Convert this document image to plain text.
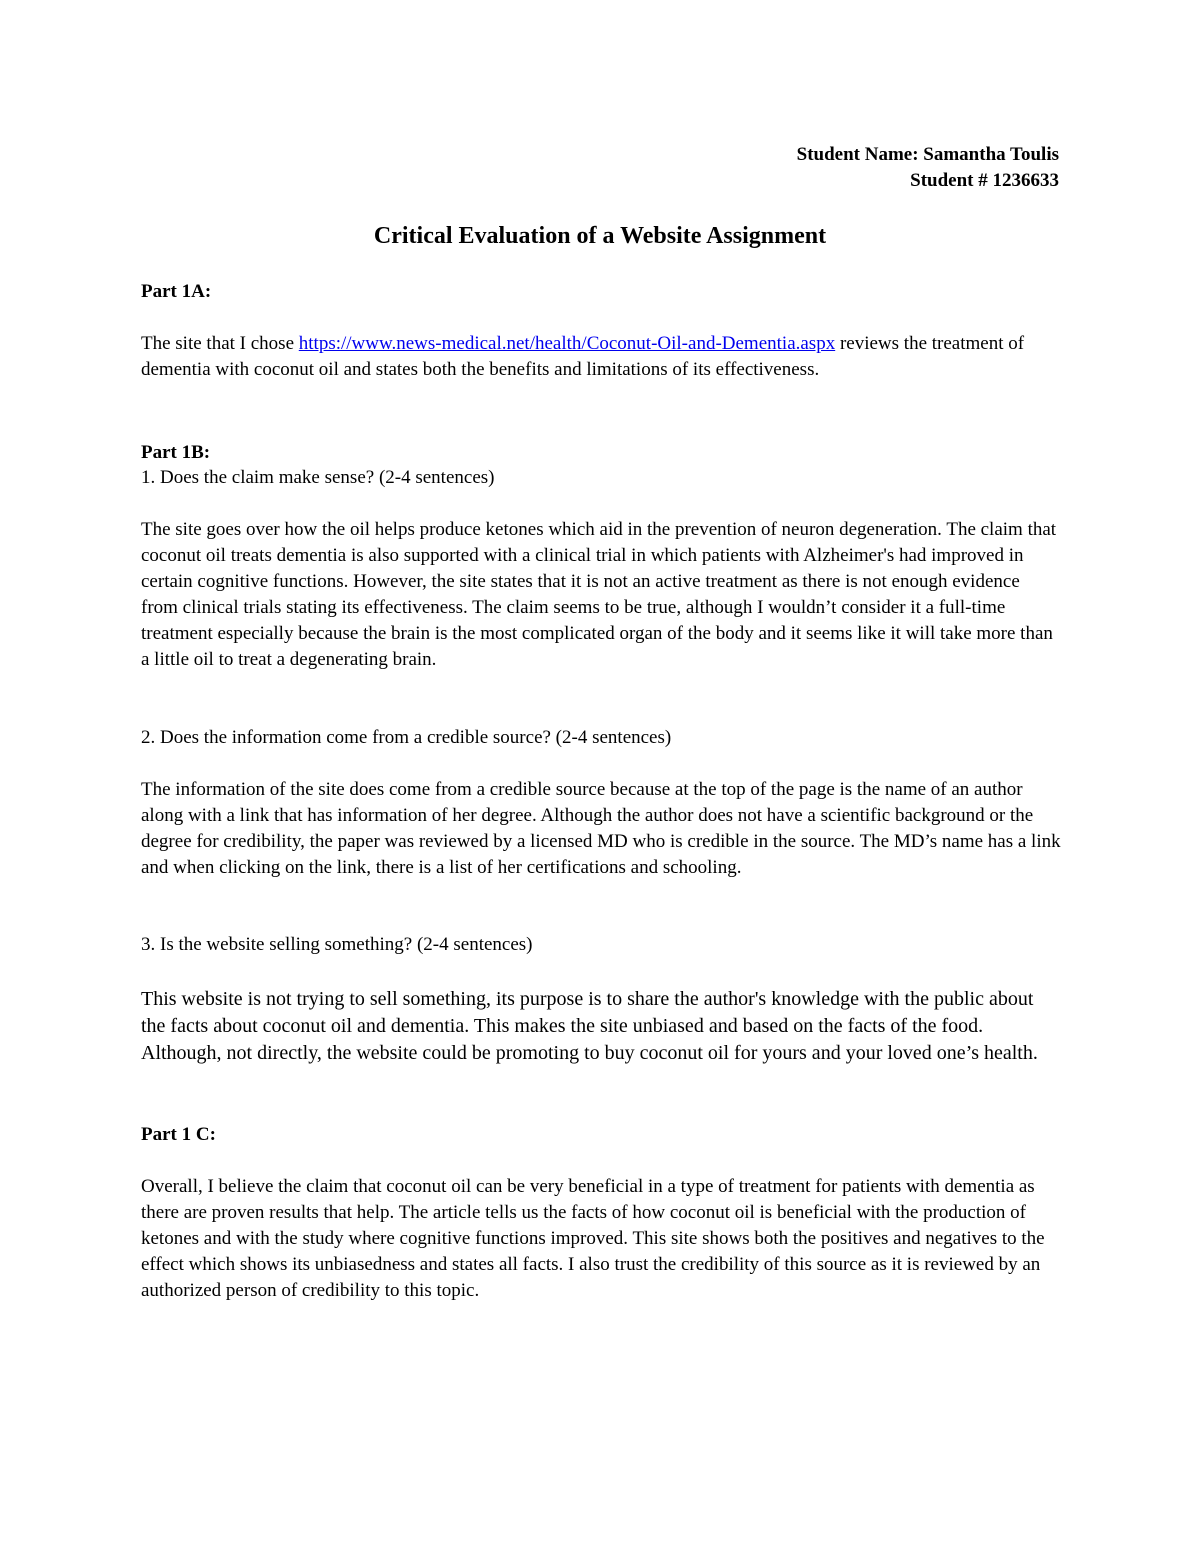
Student Name: Samantha Toulis
Student # 1236633
Critical Evaluation of a Website Assignment
Part 1A:
The site that I chose https://www.news-medical.net/health/Coconut-Oil-and-Dementia.aspx reviews the treatment of dementia with coconut oil and states both the benefits and limitations of its effectiveness.
Part 1B:
1. Does the claim make sense? (2-4 sentences)
The site goes over how the oil helps produce ketones which aid in the prevention of neuron degeneration. The claim that coconut oil treats dementia is also supported with a clinical trial in which patients with Alzheimer's had improved in certain cognitive functions. However, the site states that it is not an active treatment as there is not enough evidence from clinical trials stating its effectiveness. The claim seems to be true, although I wouldn’t consider it a full-time treatment especially because the brain is the most complicated organ of the body and it seems like it will take more than a little oil to treat a degenerating brain.
2. Does the information come from a credible source? (2-4 sentences)
The information of the site does come from a credible source because at the top of the page is the name of an author along with a link that has information of her degree. Although the author does not have a scientific background or the degree for credibility, the paper was reviewed by a licensed MD who is credible in the source. The MD’s name has a link and when clicking on the link, there is a list of her certifications and schooling.
3. Is the website selling something? (2-4 sentences)
This website is not trying to sell something, its purpose is to share the author's knowledge with the public about the facts about coconut oil and dementia. This makes the site unbiased and based on the facts of the food. Although, not directly, the website could be promoting to buy coconut oil for yours and your loved one’s health.
Part 1 C:
Overall, I believe the claim that coconut oil can be very beneficial in a type of treatment for patients with dementia as there are proven results that help. The article tells us the facts of how coconut oil is beneficial with the production of ketones and with the study where cognitive functions improved. This site shows both the positives and negatives to the effect which shows its unbiasedness and states all facts. I also trust the credibility of this source as it is reviewed by an authorized person of credibility to this topic.
